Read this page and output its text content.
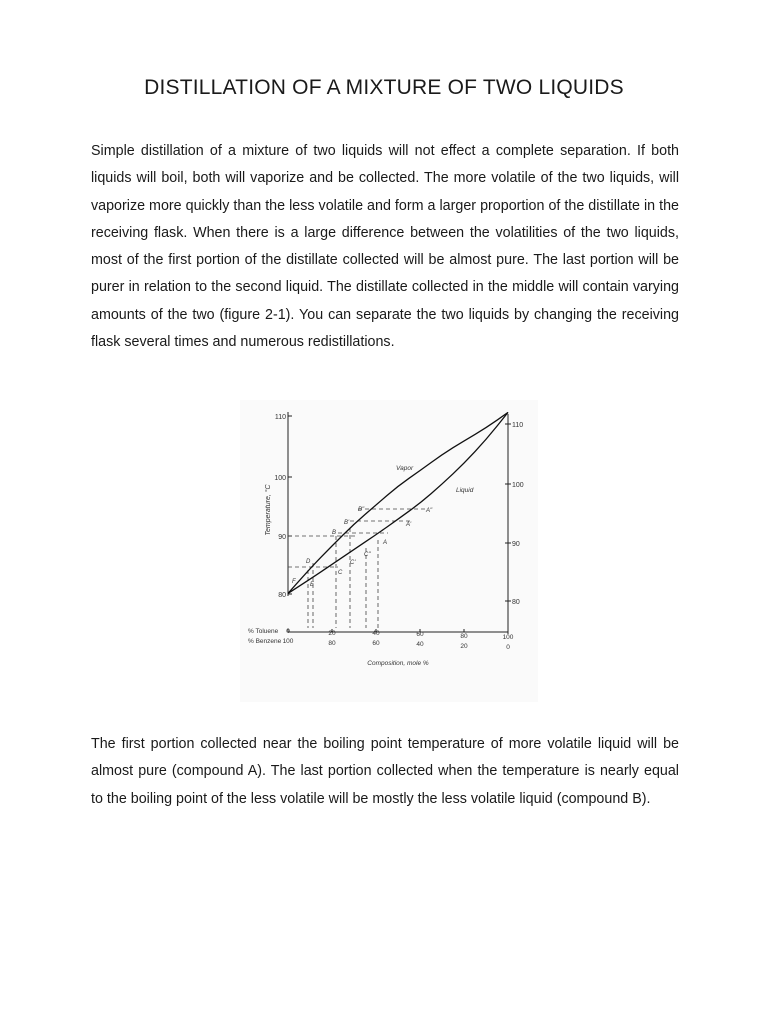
DISTILLATION OF A MIXTURE OF TWO LIQUIDS

Simple distillation of a mixture of two liquids will not effect a complete separation. If both liquids will boil, both will vaporize and be collected. The more volatile of the two liquids, will vaporize more quickly than the less volatile and form a larger proportion of the distillate in the receiving flask. When there is a large difference between the volatilities of the two liquids, most of the first portion of the distillate collected will be almost pure. The last portion will be purer in relation to the second liquid. The distillate collected in the middle will contain varying amounts of the two (figure 2-1). You can separate the two liquids by changing the receiving flask several times and numerous redistillations.

110
100
90
80
110
100
90
80
Temperature, °C
% Toluene
% Benzene
0
100
20
80
40
60
60
40
80
20
100
0
Composition, mole %
Vapor
Liquid
B"
B'
B
A"
A'
A
C'
C"
C
D
E
F

The first portion collected near the boiling point temperature of more volatile liquid will be almost pure (compound A). The last portion collected when the temperature is nearly equal to the boiling point of the less volatile will be mostly the less volatile liquid (compound B).
